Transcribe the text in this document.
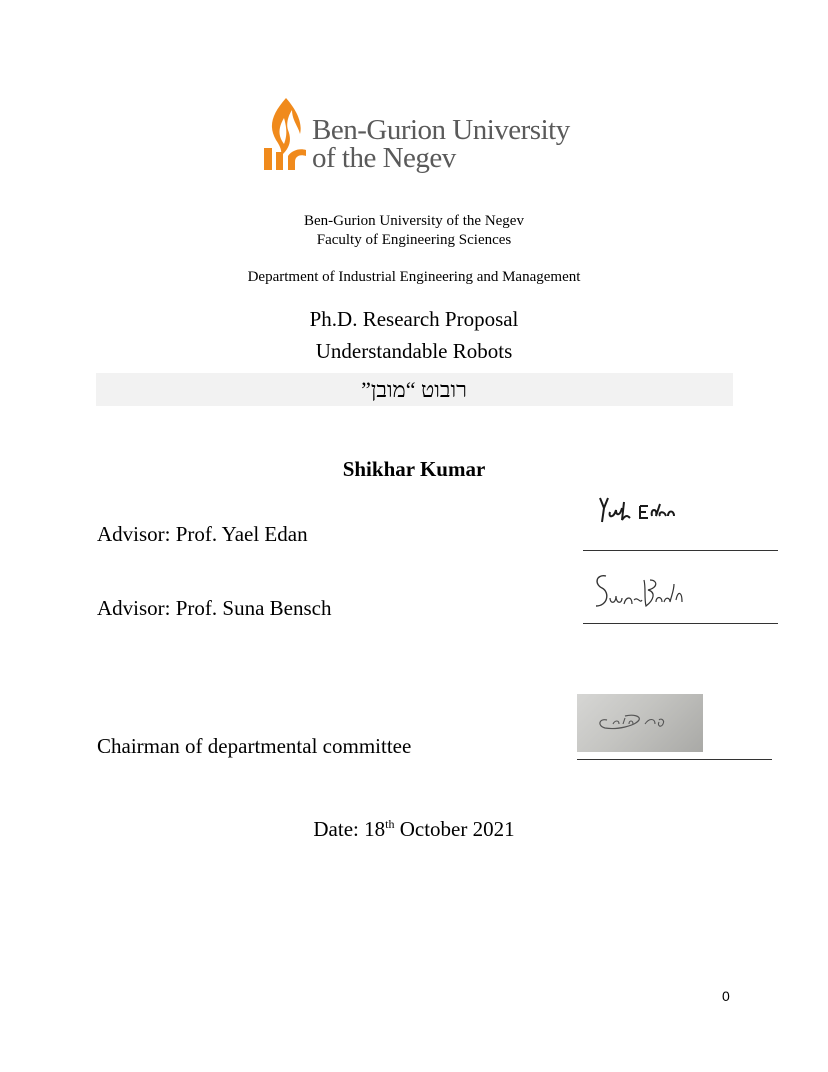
Ben-Gurion University
of the Negev
Ben-Gurion University of the Negev
Faculty of Engineering Sciences
Department of Industrial Engineering and Management
Ph.D. Research Proposal
Understandable Robots
רובוט “מובן”
Shikhar Kumar
Advisor: Prof. Yael Edan
Advisor: Prof. Suna Bensch
Chairman of departmental committee
Date: 18th October 2021
0
